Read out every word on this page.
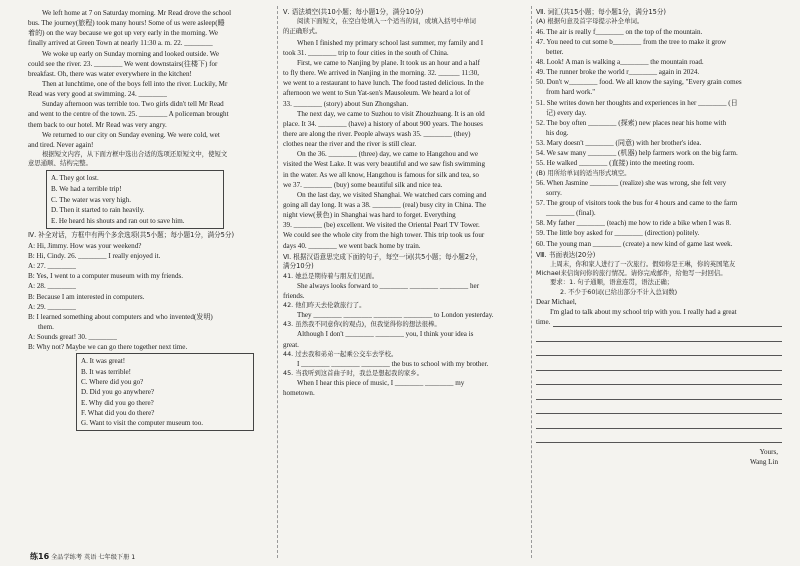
We left home at 7 on Saturday morning. Mr Read drove the school

bus. The journey(旅程) took many hours! Some of us were asleep(睡

着的) on the way because we got up very early in the morning. We

finally arrived at Green Town at nearly 11:30 a. m. 22. ________

We woke up early on Sunday morning and looked outside. We

could see the river. 23. ________ We went downstairs(往楼下) for

breakfast. Oh, there was water everywhere in the kitchen!

Then at lunchtime, one of the boys fell into the river. Luckily, Mr

Read was very good at swimming. 24. ________

Sunday afternoon was terrible too. Two girls didn't tell Mr Read

and went to the centre of the town. 25. ________ A policeman brought

them back to our hotel. Mr Read was very angry.

We returned to our city on Sunday evening. We were cold, wet

and tired. Never again!

根据短文内容，从下面方框中选出合适的选项还原短文中，使短文

意思通顺、结构完整。

A. They got lost.
B. We had a terrible trip!
C. The water was very high.
D. Then it started to rain heavily.
E. He heard his shouts and ran out to save him.

Ⅳ. 补全对话，方框中有两个多余选项(共5小题；每小题1分，满分5分)

A: Hi, Jimmy. How was your weekend?

B: Hi, Cindy. 26. ________ I really enjoyed it.

A: 27. ________

B: Yes, I went to a computer museum with my friends.

A: 28. ________

B: Because I am interested in computers.

A: 29. ________

B: I learned something about computers and who invented(发明)

them.

A: Sounds great! 30. ________

B: Why not? Maybe we can go there together next time.

A. It was great!
B. It was terrible!
C. Where did you go?
D. Did you go anywhere?
E. Why did you go there?
F. What did you do there?
G. Want to visit the computer museum too.

Ⅴ. 语法填空(共10小题；每小题1分，满分10分)

阅读下面短文，在空白处填入一个适当的词，或填入括号中单词

的正确形式。

When I finished my primary school last summer, my family and I

took 31. ________ trip to four cities in the south of China.

First, we came to Nanjing by plane. It took us an hour and a half

to fly there. We arrived in Nanjing in the morning. 32. ______ 11:30,

we went to a restaurant to have lunch. The food tasted delicious. In the

afternoon we went to Sun Yat-sen's Mausoleum. We heard a lot of

33. ________ (story) about Sun Zhongshan.

The next day, we came to Suzhou to visit Zhouzhuang. It is an old

place. It 34. ________ (have) a history of about 900 years. The houses

there are along the river. People always wash 35. ________ (they)

clothes near the river and the river is still clear.

On the 36. ________ (three) day, we came to Hangzhou and we

visited the West Lake. It was very beautiful and we saw fish swimming

in the water. As we all know, Hangzhou is famous for silk and tea, so

we 37. ________ (buy) some beautiful silk and nice tea.

On the last day, we visited Shanghai. We watched cars coming and

going all day long. It was a 38. ________ (real) busy city in China. The

night view(景色) in Shanghai was hard to forget. Everything

39. ________ (be) excellent. We visited the Oriental Pearl TV Tower.

We could see the whole city from the high tower. This trip took us four

days 40. ________ we went back home by train.

Ⅵ. 根据汉语意思完成下面的句子，每空一词(共5小题；每小题2分，

满分10分)

41. 她总是期待着与朋友们见面。

She always looks forward to ________ ________ ________ her

friends.

42. 他们昨天去伦敦旅行了。

They ________ ________ ________ ________ to London yesterday.

43. 虽然我不同意你(的观点)，但我觉得你的想法很棒。

Although I don't ________ ________ you, I think your idea is

great.

44. 过去我和弟弟一起乘公交车去学校。

I ________ ________ ________ the bus to school with my brother.

45. 当我听到这首曲子时，我总是想起我的家乡。

When I hear this piece of music, I ________ ________ my

hometown.

Ⅶ. 词汇(共15小题；每小题1分，满分15分)

(A) 根据句意及首字母提示补全单词。

46. The air is really f________ on the top of the mountain.

47. You need to cut some b________ from the tree to make it grow

better.

48. Look! A man is walking a________ the mountain road.

49. The runner broke the world r________ again in 2024.

50. Don't w________ food. We all know the saying, "Every grain comes

from hard work."

51. She writes down her thoughts and experiences in her ________ (日

记) every day.

52. The boy often ________ (探索) new places near his home with

his dog.

53. Mary doesn't ________ (同意) with her brother's idea.

54. We saw many ________ (机器) help farmers work on the big farm.

55. He walked ________ (直接) into the meeting room.

(B) 用所给单词的适当形式填空。

56. When Jasmine ________ (realize) she was wrong, she felt very

sorry.

57. The group of visitors took the bus for 4 hours and came to the farm

________ (final).

58. My father ________ (teach) me how to ride a bike when I was 8.

59. The little boy asked for ________ (direction) politely.

60. The young man ________ (create) a new kind of game last week.

Ⅷ. 书面表达(20分)

上周末，你和家人进行了一次旅行。假如你是王琳，你的英国笔友

Michael来信询问你的旅行情况。请你完成邮件，给他写一封回信。

要求：1. 句子通顺，语意连贯，语法正确；

2. 不少于60词(已给出部分不计入总词数)

Dear Michael,

I'm glad to talk about my school trip with you. I really had a great

time.

Yours,

Wang Lin

练16 全品学练考 英语 七年级下册 1
